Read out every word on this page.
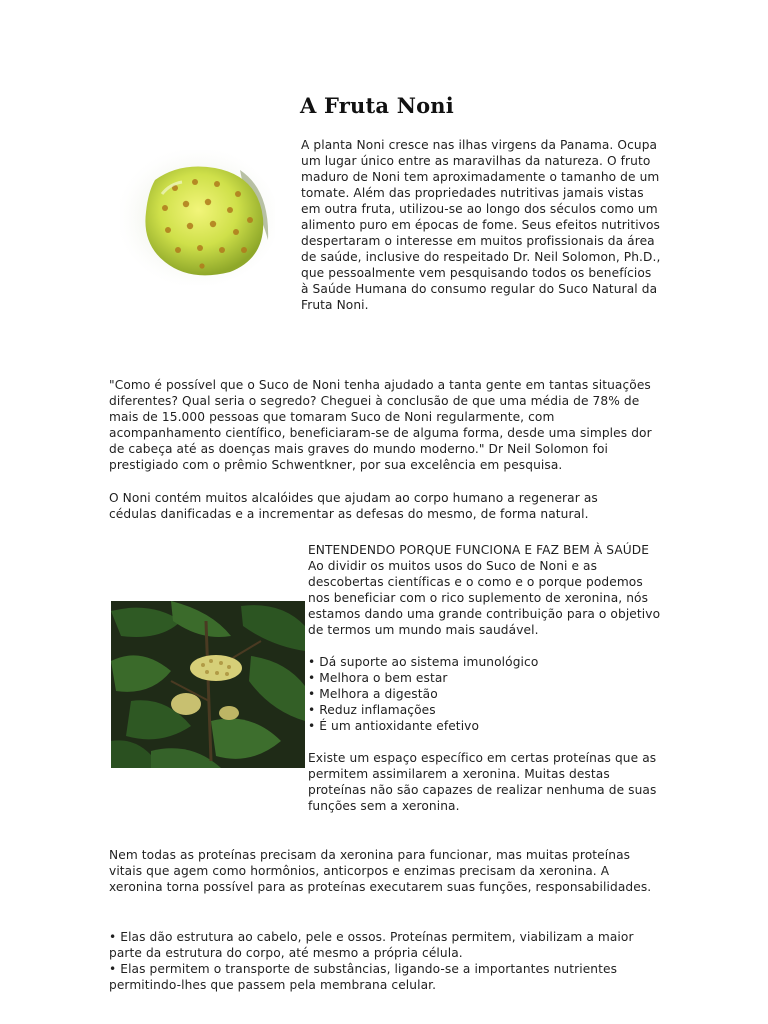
A Fruta Noni

A planta Noni cresce nas ilhas virgens da Panama. Ocupa um lugar único entre as maravilhas da natureza. O fruto maduro de Noni tem aproximadamente o tamanho de um tomate. Além das propriedades nutritivas jamais vistas em outra fruta, utilizou-se ao longo dos séculos como um alimento puro em épocas de fome. Seus efeitos nutritivos despertaram o interesse em muitos profissionais da área de saúde, inclusive do respeitado Dr. Neil Solomon, Ph.D., que pessoalmente vem pesquisando todos os benefícios à Saúde Humana do consumo regular do Suco Natural da Fruta Noni.

"Como é possível que o Suco de Noni tenha ajudado a tanta gente em tantas situações diferentes? Qual seria o segredo? Cheguei à conclusão de que uma média de 78% de mais de 15.000 pessoas que tomaram Suco de Noni regularmente, com acompanhamento científico, beneficiaram-se de alguma forma, desde uma simples dor de cabeça até as doenças mais graves do mundo moderno." Dr Neil Solomon foi prestigiado com o prêmio Schwentkner, por sua excelência em pesquisa.

O Noni contém muitos alcalóides que ajudam ao corpo humano a regenerar as cédulas danificadas e a incrementar as defesas do mesmo, de forma natural.

ENTENDENDO PORQUE FUNCIONA E FAZ BEM À SAÚDE

Ao dividir os muitos usos do Suco de Noni e as descobertas científicas e o como e o porque podemos nos beneficiar com o rico suplemento de xeronina, nós estamos dando uma grande contribuição para o objetivo de termos um mundo mais saudável.

• Dá suporte ao sistema imunológico
• Melhora o bem estar
• Melhora a digestão
• Reduz inflamações
• É um antioxidante efetivo

Existe um espaço específico em certas proteínas que as permitem assimilarem a xeronina. Muitas destas proteínas não são capazes de realizar nenhuma de suas funções sem a xeronina.

Nem todas as proteínas precisam da xeronina para funcionar, mas muitas proteínas vitais que agem como hormônios, anticorpos e enzimas precisam da xeronina. A xeronina torna possível para as proteínas executarem suas funções, responsabilidades.

• Elas dão estrutura ao cabelo, pele e ossos. Proteínas permitem, viabilizam a maior parte da estrutura do corpo, até mesmo a própria célula.

• Elas permitem o transporte de substâncias, ligando-se a importantes nutrientes permitindo-lhes que passem pela membrana celular.
